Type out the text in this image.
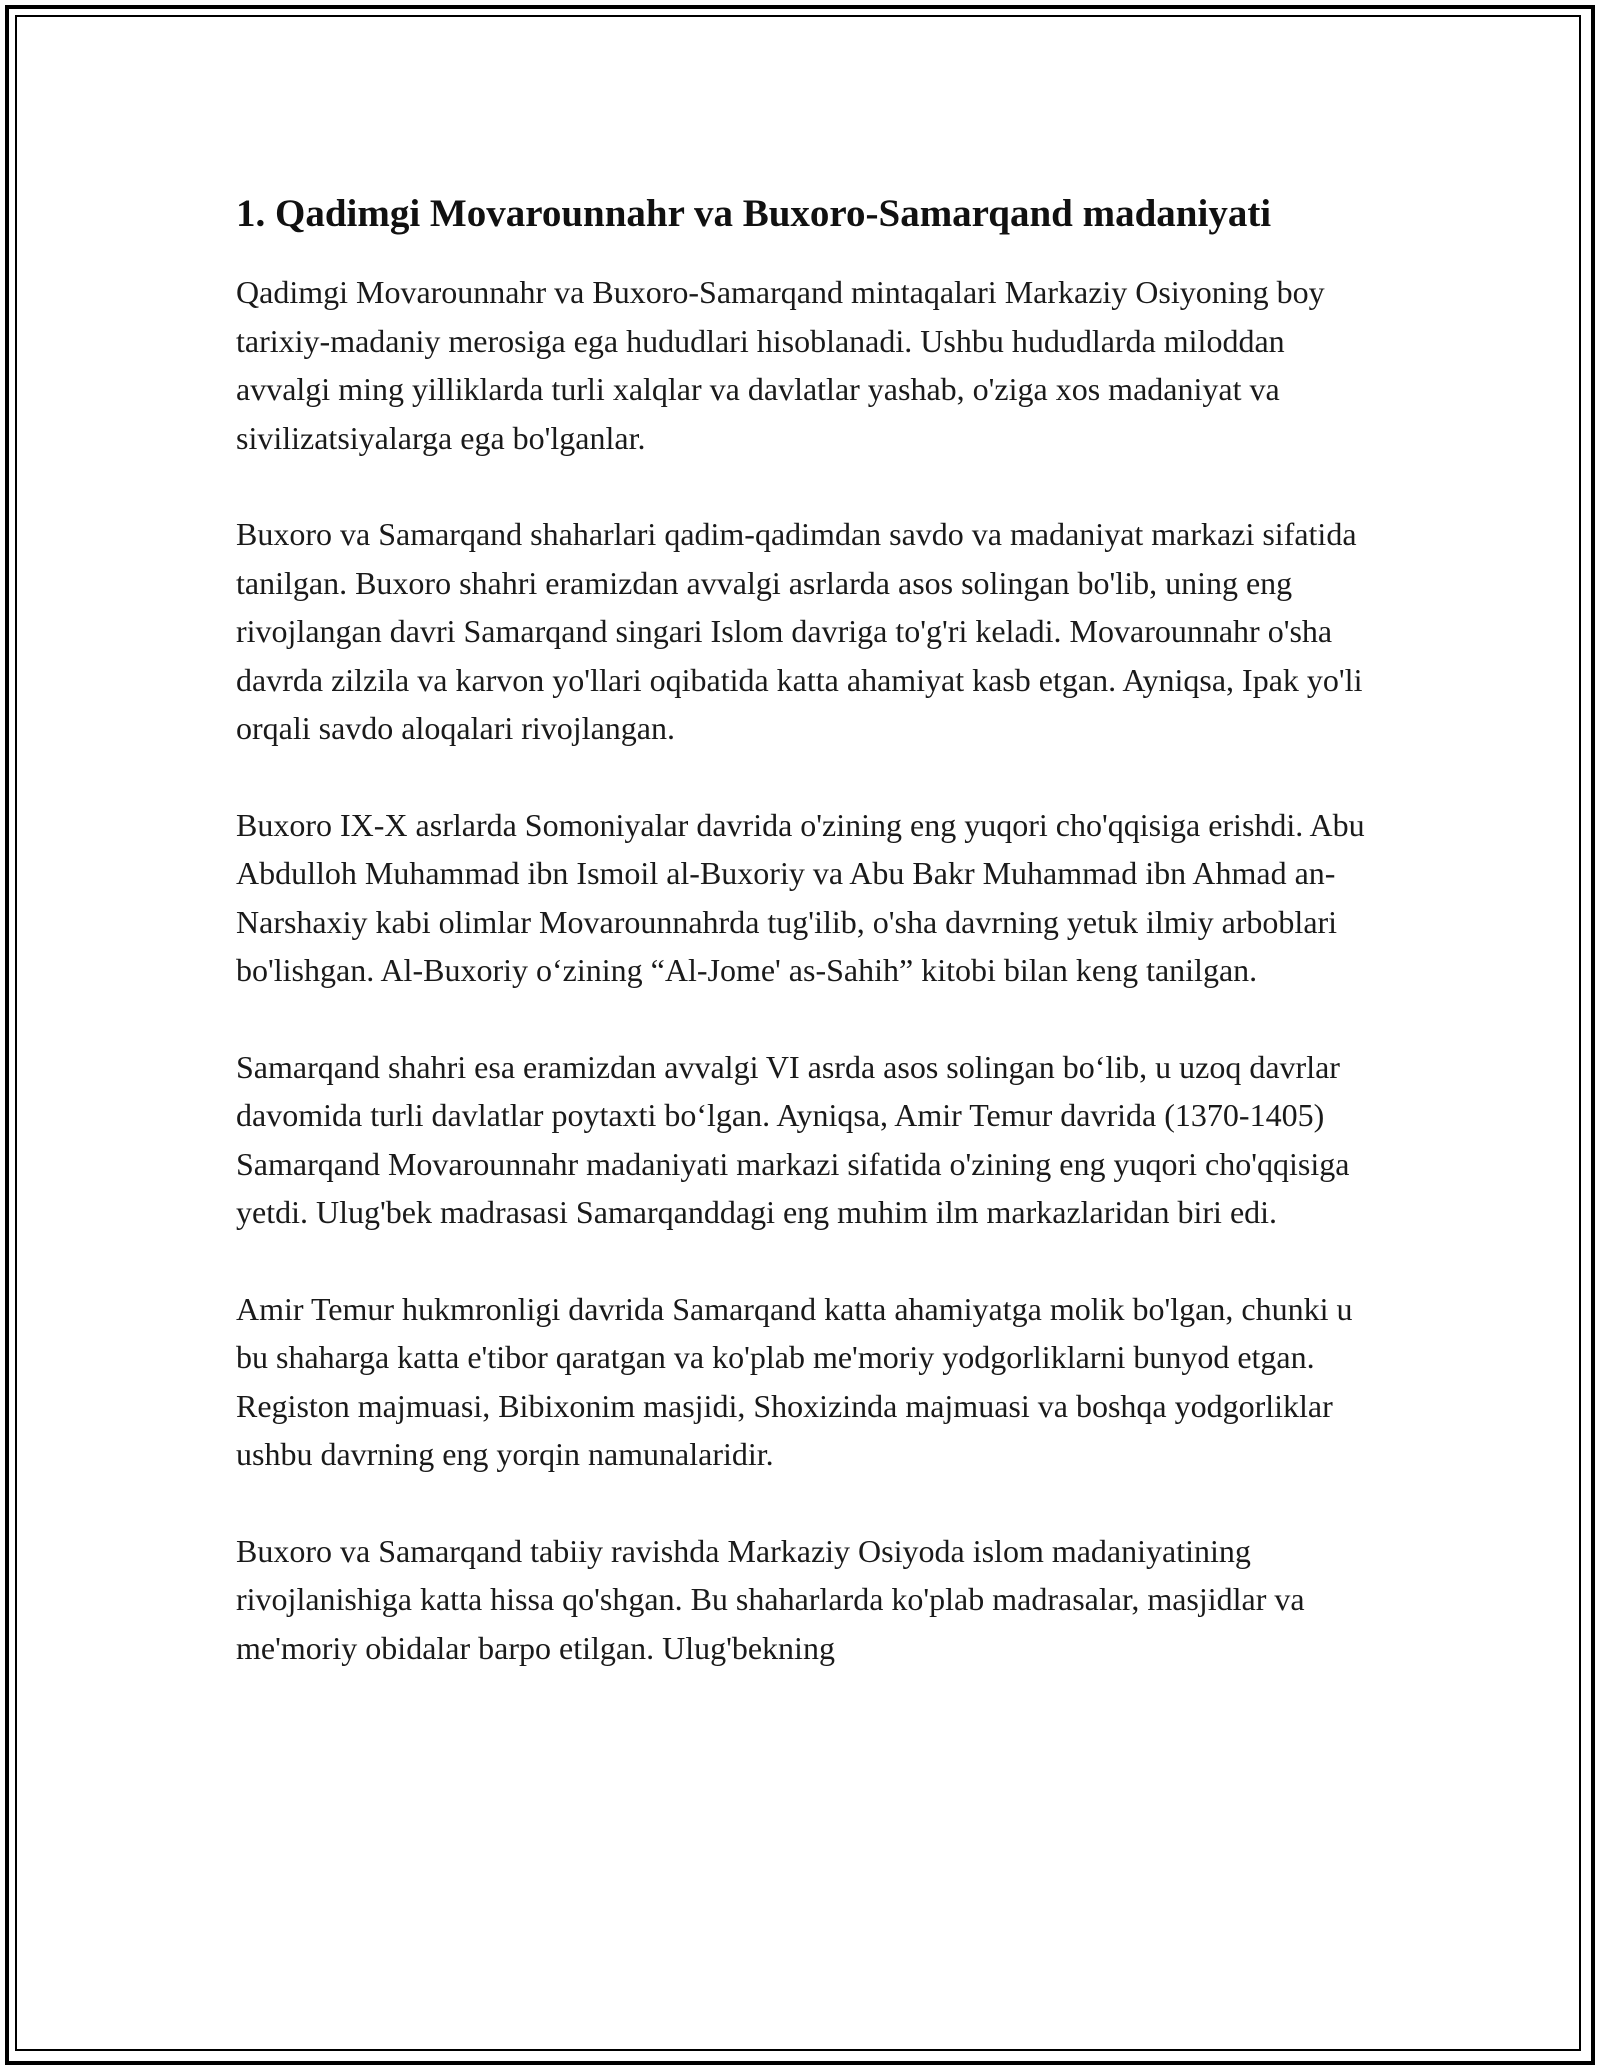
1. Qadimgi Movarounnahr va Buxoro-Samarqand madaniyati

Qadimgi Movarounnahr va Buxoro-Samarqand mintaqalari Markaziy Osiyoning boy tarixiy-madaniy merosiga ega hududlari hisoblanadi. Ushbu hududlarda miloddan avvalgi ming yilliklarda turli xalqlar va davlatlar yashab, o'ziga xos madaniyat va sivilizatsiyalarga ega bo'lganlar.

Buxoro va Samarqand shaharlari qadim-qadimdan savdo va madaniyat markazi sifatida tanilgan. Buxoro shahri eramizdan avvalgi asrlarda asos solingan bo'lib, uning eng rivojlangan davri Samarqand singari Islom davriga to'g'ri keladi. Movarounnahr o'sha davrda zilzila va karvon yo'llari oqibatida katta ahamiyat kasb etgan. Ayniqsa, Ipak yo'li orqali savdo aloqalari rivojlangan.

Buxoro IX-X asrlarda Somoniyalar davrida o'zining eng yuqori cho'qqisiga erishdi. Abu Abdulloh Muhammad ibn Ismoil al-Buxoriy va Abu Bakr Muhammad ibn Ahmad an-Narshaxiy kabi olimlar Movarounnahrda tug'ilib, o'sha davrning yetuk ilmiy arboblari bo'lishgan. Al-Buxoriy o‘zining “Al-Jome' as-Sahih” kitobi bilan keng tanilgan.

Samarqand shahri esa eramizdan avvalgi VI asrda asos solingan bo‘lib, u uzoq davrlar davomida turli davlatlar poytaxti bo‘lgan. Ayniqsa, Amir Temur davrida (1370-1405) Samarqand Movarounnahr madaniyati markazi sifatida o'zining eng yuqori cho'qqisiga yetdi. Ulug'bek madrasasi Samarqanddagi eng muhim ilm markazlaridan biri edi.

Amir Temur hukmronligi davrida Samarqand katta ahamiyatga molik bo'lgan, chunki u bu shaharga katta e'tibor qaratgan va ko'plab me'moriy yodgorliklarni bunyod etgan. Registon majmuasi, Bibixonim masjidi, Shoxizinda majmuasi va boshqa yodgorliklar ushbu davrning eng yorqin namunalaridir.

Buxoro va Samarqand tabiiy ravishda Markaziy Osiyoda islom madaniyatining rivojlanishiga katta hissa qo'shgan. Bu shaharlarda ko'plab madrasalar, masjidlar va me'moriy obidalar barpo etilgan. Ulug'bekning
